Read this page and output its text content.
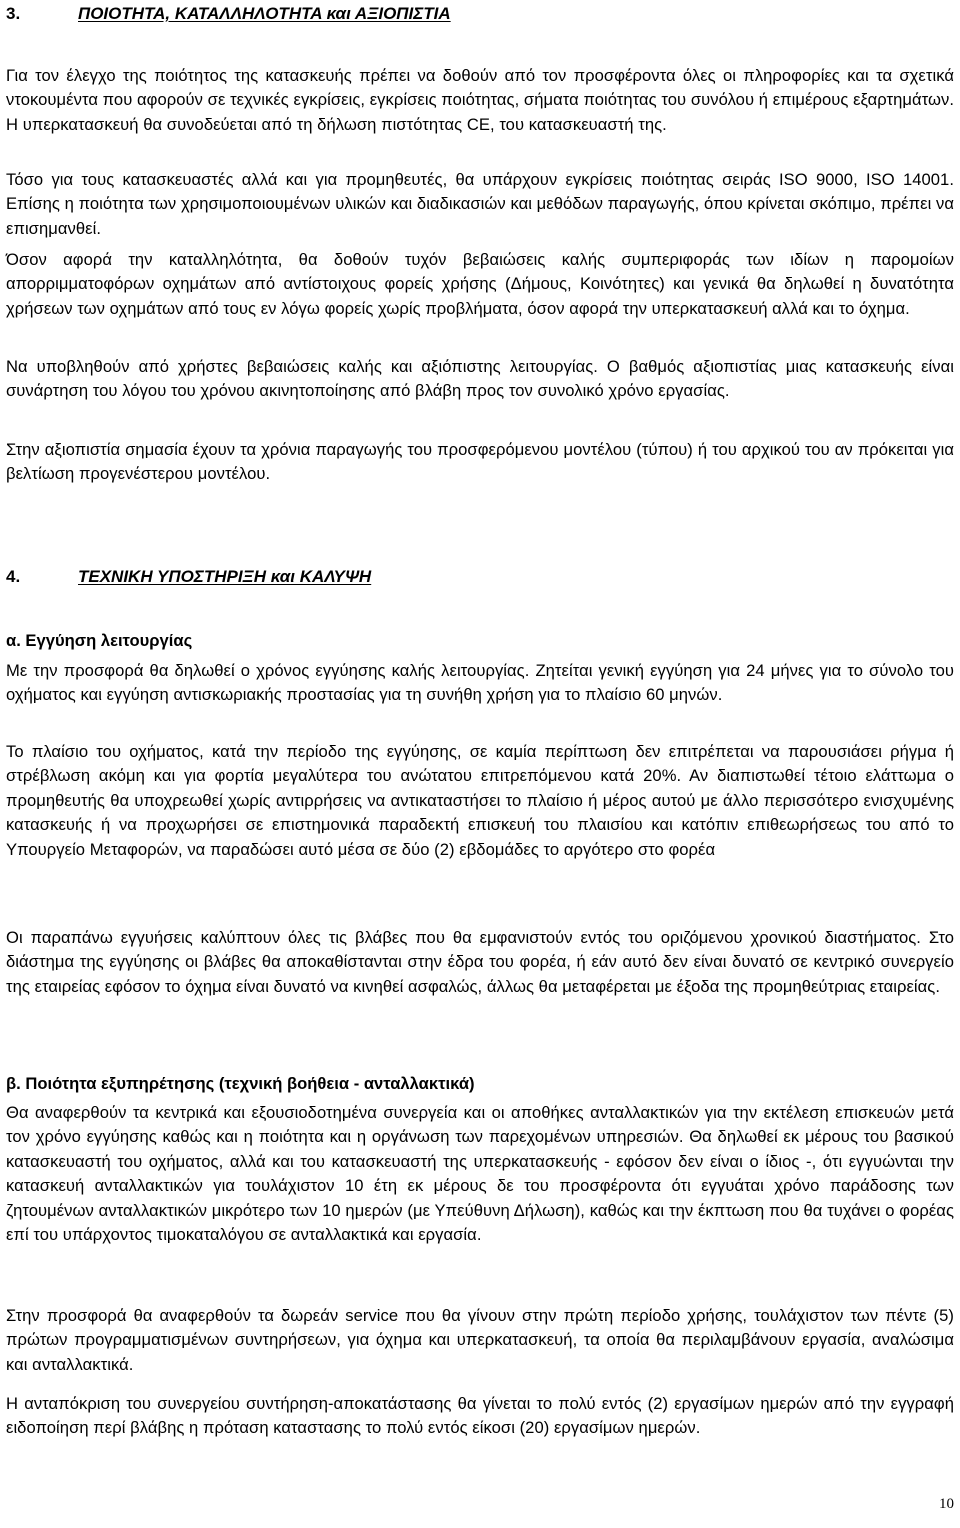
3.	ΠΟΙΟΤΗΤΑ, ΚΑΤΑΛΛΗΛΟΤΗΤΑ και ΑΞΙΟΠΙΣΤΙΑ

Για τον έλεγχο της ποιότητος της κατασκευής πρέπει να δοθούν από τον προσφέροντα όλες οι πληροφορίες και τα σχετικά ντοκουμέντα που αφορούν σε τεχνικές εγκρίσεις, εγκρίσεις ποιότητας, σήματα ποιότητας του συνόλου ή επιμέρους εξαρτημάτων. Η υπερκατασκευή θα συνοδεύεται από τη δήλωση πιστότητας CE, του κατασκευαστή της.

Τόσο για τους κατασκευαστές αλλά και για προμηθευτές, θα υπάρχουν εγκρίσεις ποιότητας σειράς ISO 9000, ISO 14001. Επίσης η ποιότητα των χρησιμοποιουμένων υλικών και διαδικασιών και μεθόδων παραγωγής, όπου κρίνεται σκόπιμο, πρέπει να επισημανθεί.

Όσον αφορά την καταλληλότητα, θα δοθούν τυχόν βεβαιώσεις καλής συμπεριφοράς των ιδίων η παρομοίων απορριμματοφόρων οχημάτων από αντίστοιχους φορείς χρήσης (Δήμους, Κοινότητες) και γενικά θα δηλωθεί η δυνατότητα χρήσεων των οχημάτων από τους εν λόγω φορείς χωρίς προβλήματα, όσον αφορά την υπερκατασκευή αλλά και το όχημα.

Να υποβληθούν από χρήστες βεβαιώσεις καλής και αξιόπιστης λειτουργίας. Ο βαθμός αξιοπιστίας μιας κατασκευής είναι συνάρτηση του λόγου του χρόνου ακινητοποίησης από βλάβη προς τον συνολικό χρόνο εργασίας.

Στην αξιοπιστία σημασία έχουν τα χρόνια παραγωγής του προσφερόμενου μοντέλου (τύπου) ή του αρχικού του αν πρόκειται για βελτίωση προγενέστερου μοντέλου.

4.	ΤΕΧΝΙΚΗ ΥΠΟΣΤΗΡΙΞΗ και ΚΑΛΥΨΗ
α. Εγγύηση λειτουργίας

Με την προσφορά θα δηλωθεί ο χρόνος εγγύησης καλής λειτουργίας. Ζητείται γενική εγγύηση για 24 μήνες για το σύνολο του οχήματος και εγγύηση αντισκωριακής προστασίας για τη συνήθη χρήση για το πλαίσιο 60 μηνών.

Το πλαίσιο του οχήματος, κατά την περίοδο της εγγύησης, σε καμία περίπτωση δεν επιτρέπεται να παρουσιάσει ρήγμα ή στρέβλωση ακόμη και για φορτία μεγαλύτερα του ανώτατου επιτρεπόμενου κατά 20%. Αν διαπιστωθεί τέτοιο ελάττωμα ο προμηθευτής θα υποχρεωθεί χωρίς αντιρρήσεις να αντικαταστήσει το πλαίσιο ή μέρος αυτού με άλλο περισσότερο ενισχυμένης κατασκευής ή να προχωρήσει σε επιστημονικά παραδεκτή επισκευή του πλαισίου και κατόπιν επιθεωρήσεως του από το Υπουργείο Μεταφορών, να παραδώσει αυτό μέσα σε δύο (2) εβδομάδες το αργότερο στο φορέα

Οι παραπάνω εγγυήσεις καλύπτουν όλες τις βλάβες που θα εμφανιστούν εντός του οριζόμενου χρονικού διαστήματος. Στο διάστημα της εγγύησης οι βλάβες θα αποκαθίστανται στην έδρα του φορέα, ή εάν αυτό δεν είναι δυνατό σε κεντρικό συνεργείο της εταιρείας εφόσον το όχημα είναι δυνατό να κινηθεί ασφαλώς, άλλως θα μεταφέρεται με έξοδα της προμηθεύτριας εταιρείας.

β. Ποιότητα εξυπηρέτησης (τεχνική βοήθεια - ανταλλακτικά)

Θα αναφερθούν τα κεντρικά και εξουσιοδοτημένα συνεργεία και οι αποθήκες ανταλλακτικών για την εκτέλεση επισκευών μετά τον χρόνο εγγύησης καθώς και η ποιότητα και η οργάνωση των παρεχομένων υπηρεσιών. Θα δηλωθεί εκ μέρους του βασικού κατασκευαστή του οχήματος, αλλά και του κατασκευαστή της υπερκατασκευής - εφόσον δεν είναι ο ίδιος -, ότι εγγυώνται την κατασκευή ανταλλακτικών για τουλάχιστον 10 έτη εκ μέρους δε του προσφέροντα ότι εγγυάται χρόνο παράδοσης των ζητουμένων ανταλλακτικών μικρότερο των 10 ημερών (με Υπεύθυνη Δήλωση), καθώς και την έκπτωση που θα τυχάνει ο φορέας επί του υπάρχοντος τιμοκαταλόγου σε ανταλλακτικά και εργασία.

Στην προσφορά θα αναφερθούν τα δωρεάν service που θα γίνουν στην πρώτη περίοδο χρήσης, τουλάχιστον των πέντε (5) πρώτων προγραμματισμένων συντηρήσεων, για όχημα και υπερκατασκευή, τα οποία θα περιλαμβάνουν εργασία, αναλώσιμα και ανταλλακτικά.

Η ανταπόκριση του συνεργείου συντήρηση-αποκατάστασης θα γίνεται το πολύ εντός (2) εργασίμων ημερών από την εγγραφή ειδοποίηση περί βλάβης η πρόταση καταστασης το πολύ εντός είκοσι (20) εργασίμων ημερών.

10
